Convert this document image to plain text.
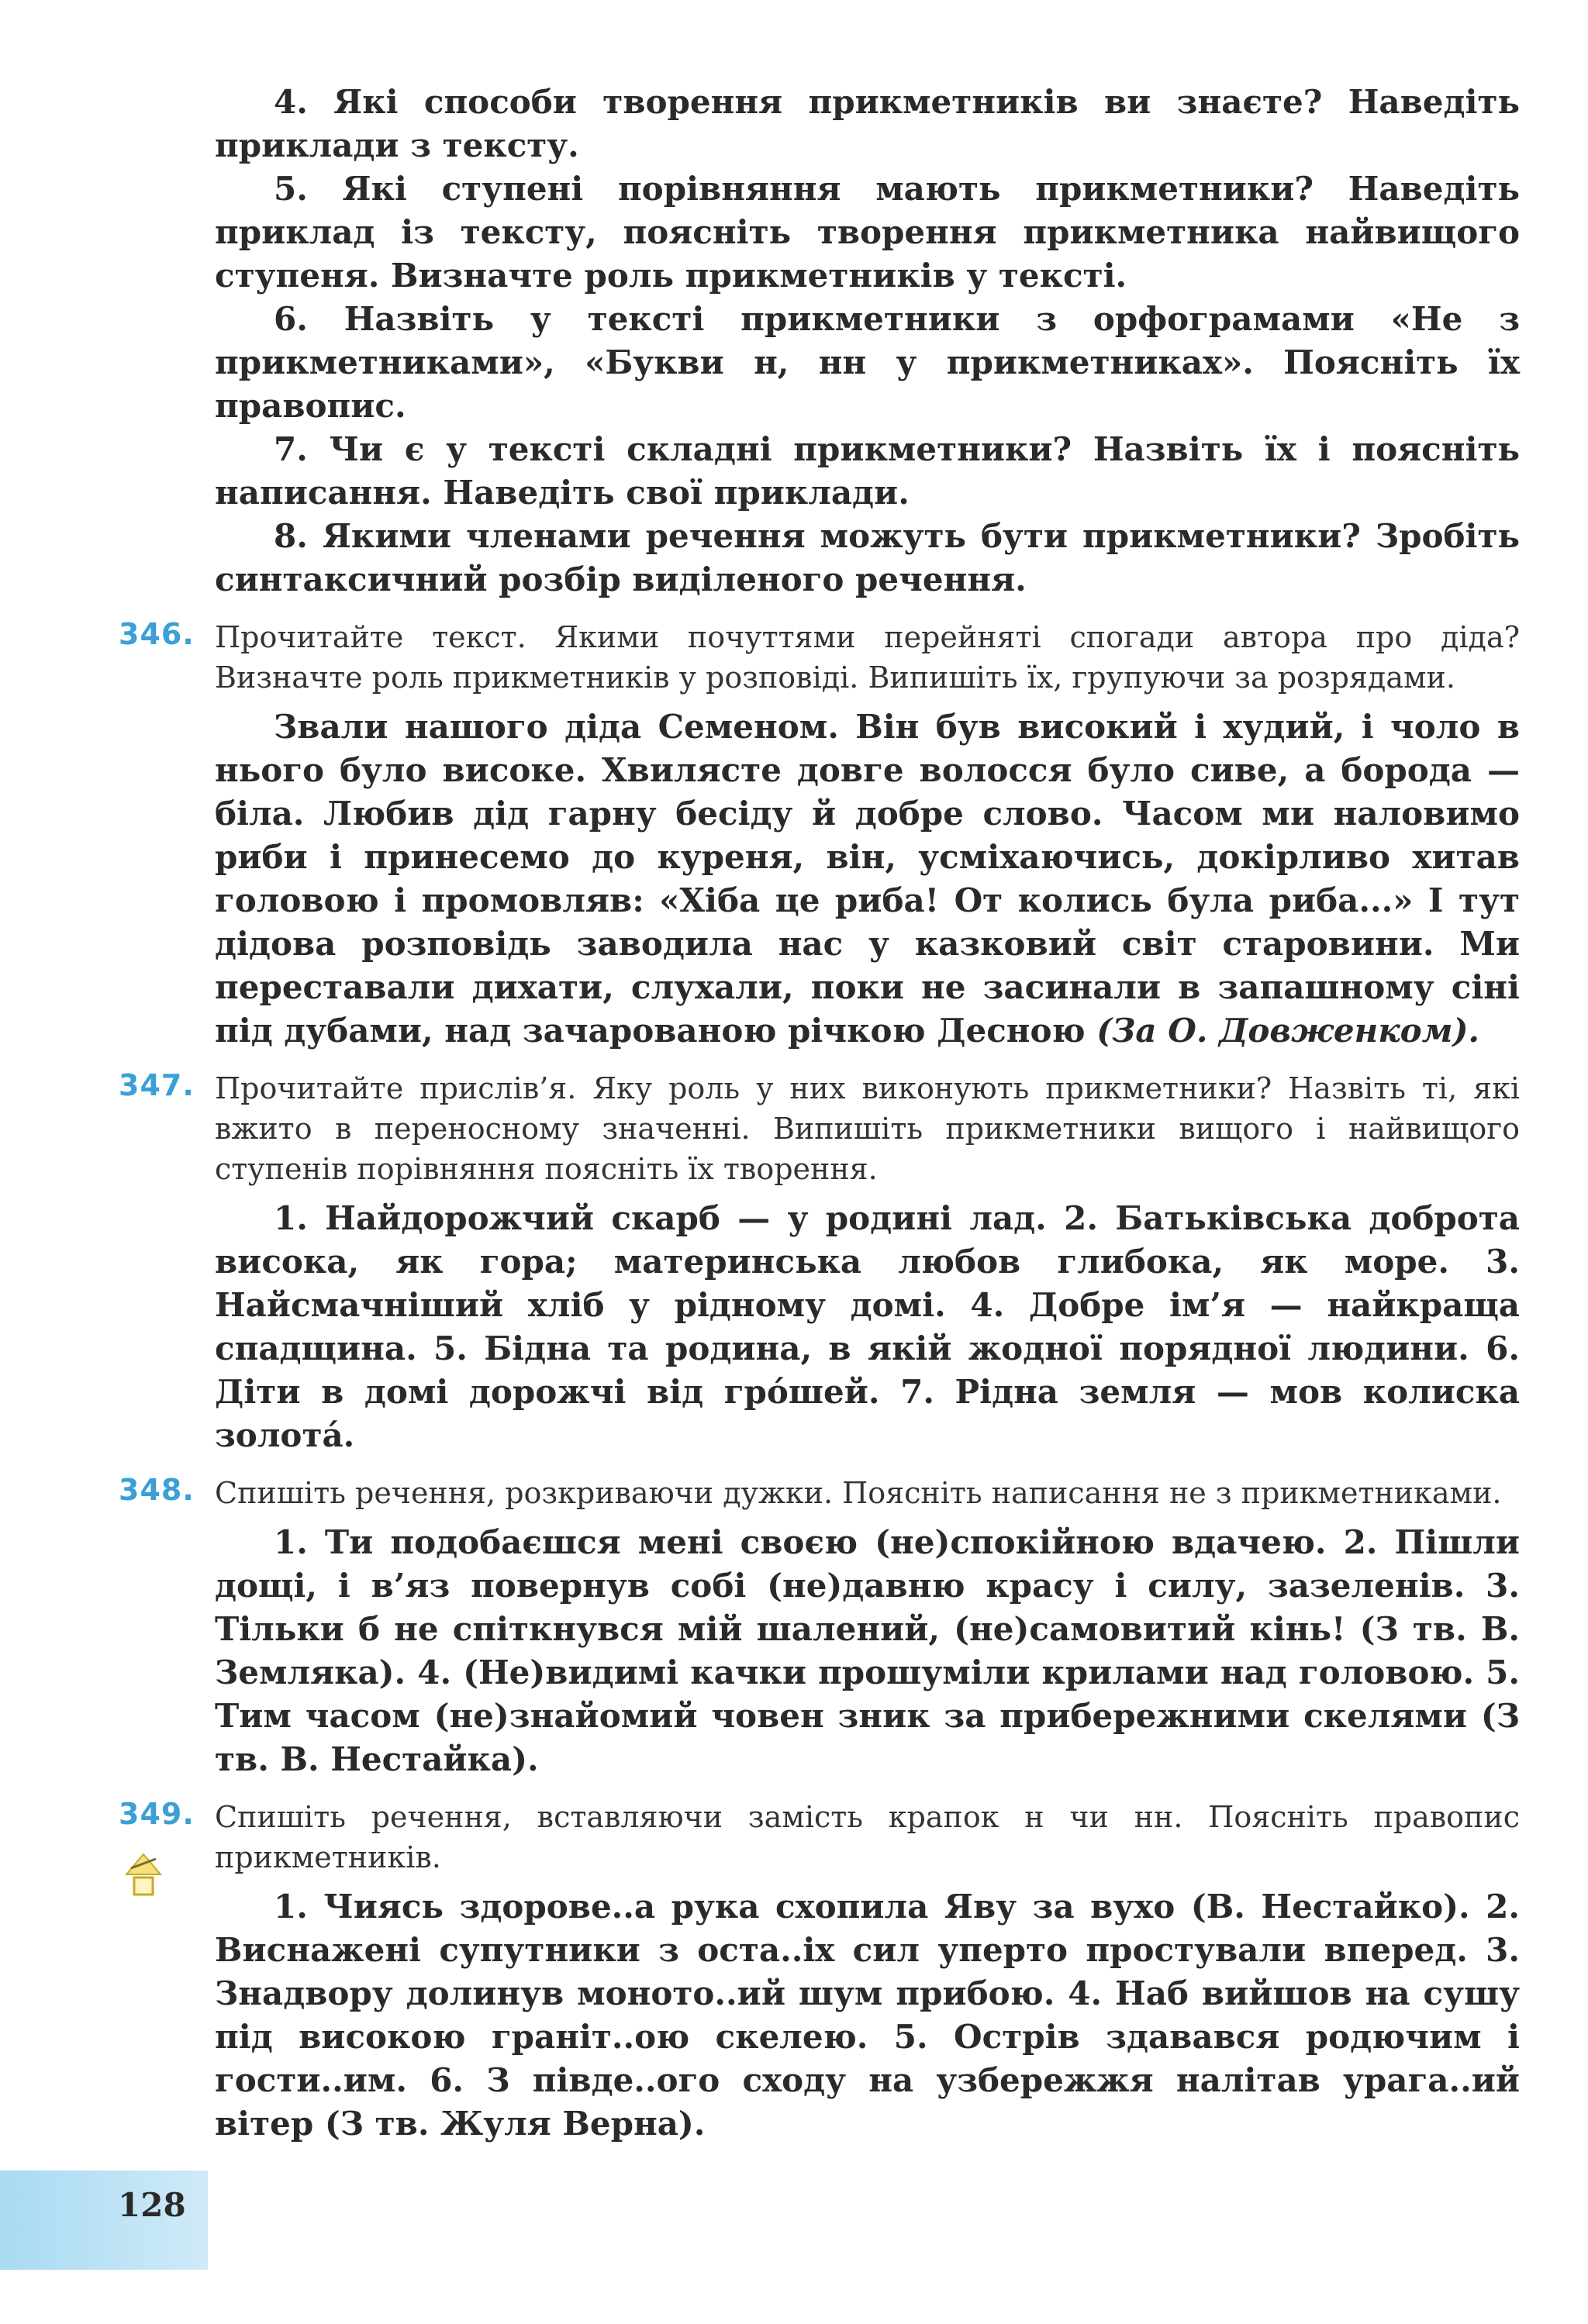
4. Які способи творення прикметників ви знаєте? Наведіть приклади з тексту.

5. Які ступені порівняння мають прикметники? Наведіть приклад із тексту, поясніть творення прикметника найвищого ступеня. Визначте роль прикметників у тексті.

6. Назвіть у тексті прикметники з орфограмами «Не з прикметниками», «Букви н, нн у прикметниках». Поясніть їх правопис.

7. Чи є у тексті складні прикметники? Назвіть їх і поясніть написання. Наведіть свої приклади.

8. Якими членами речення можуть бути прикметники? Зробіть синтаксичний розбір виділеного речення.

346. Прочитайте текст. Якими почуттями перейняті спогади автора про діда? Визначте роль прикметників у розповіді. Випишіть їх, групуючи за розрядами.

Звали нашого діда Семеном. Він був високий і худий, і чоло в нього було високе. Хвилясте довге волосся було сиве, а борода — біла. Любив дід гарну бесіду й добре слово. Часом ми наловимо риби і принесемо до куреня, він, усміхаючись, докірливо хитав головою і промовляв: «Хіба це риба! От колись була риба...» І тут дідова розповідь заводила нас у казковий світ старовини. Ми переставали дихати, слухали, поки не засинали в запашному сіні під дубами, над зачарованою річкою Десною (За О. Довженком).

347. Прочитайте прислів’я. Яку роль у них виконують прикметники? Назвіть ті, які вжито в переносному значенні. Випишіть прикметники вищого і найвищого ступенів порівняння поясніть їх творення.

1. Найдорожчий скарб — у родині лад. 2. Батьківська доброта висока, як гора; материнська любов глибока, як море. 3. Найсмачніший хліб у рідному домі. 4. Добре ім’я — найкраща спадщина. 5. Бідна та родина, в якій жодної порядної людини. 6. Діти в домі дорожчі від гро́шей. 7. Рідна земля — мов колиска золота́.

348. Спишіть речення, розкриваючи дужки. Поясніть написання не з прикметниками.

1. Ти подобаєшся мені своєю (не)спокійною вдачею. 2. Пішли дощі, і в’яз повернув собі (не)давню красу і силу, зазеленів. 3. Тільки б не спіткнувся мій шалений, (не)самовитий кінь! (З тв. В. Земляка). 4. (Не)видимі качки прошуміли крилами над головою. 5. Тим часом (не)знайомий човен зник за прибережними скелями (З тв. В. Нестайка).

349. Спишіть речення, вставляючи замість крапок н чи нн. Поясніть правопис прикметників.

1. Чиясь здорове..а рука схопила Яву за вухо (В. Нестайко). 2. Виснажені супутники з оста..іх сил уперто простували вперед. 3. Знадвору долинув моното..ий шум прибою. 4. Наб вийшов на сушу під високою граніт..ою скелею. 5. Острів здавався родючим і гости..им. 6. З півде..ого сходу на узбережжя налітав урага..ий вітер (З тв. Жуля Верна).

128
